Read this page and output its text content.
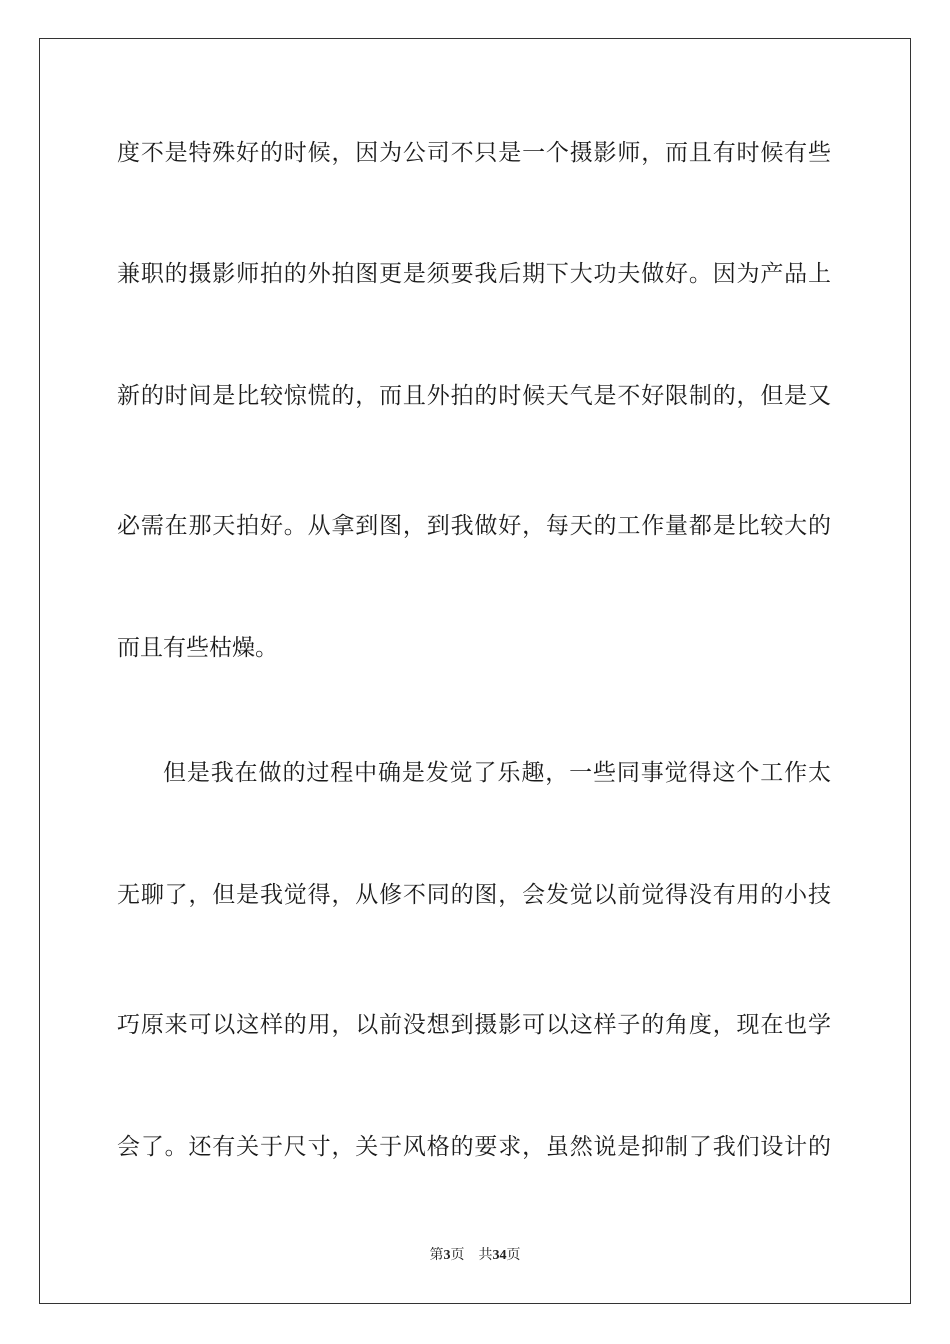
度不是特殊好的时候，因为公司不只是一个摄影师，而且有时候有些
兼职的摄影师拍的外拍图更是须要我后期下大功夫做好。因为产品上
新的时间是比较惊慌的，而且外拍的时候天气是不好限制的，但是又
必需在那天拍好。从拿到图，到我做好，每天的工作量都是比较大的
而且有些枯燥。
但是我在做的过程中确是发觉了乐趣，一些同事觉得这个工作太
无聊了，但是我觉得，从修不同的图，会发觉以前觉得没有用的小技
巧原来可以这样的用，以前没想到摄影可以这样子的角度，现在也学
会了。还有关于尺寸，关于风格的要求，虽然说是抑制了我们设计的
第3页 共34页
